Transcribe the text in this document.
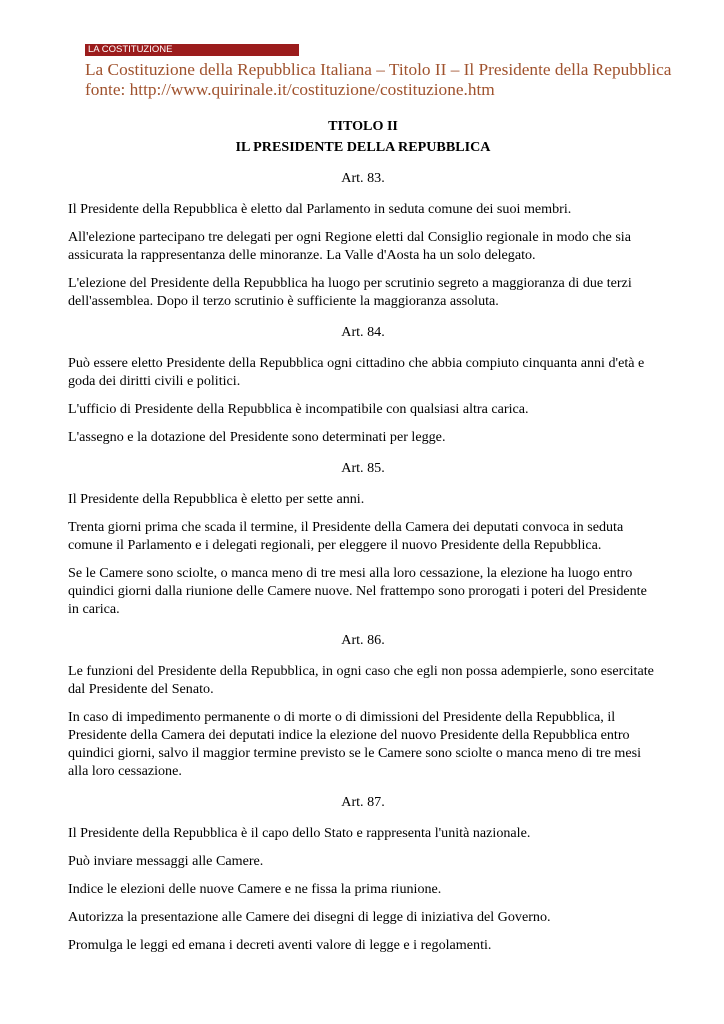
LA COSTITUZIONE
La Costituzione della Repubblica Italiana – Titolo II – Il Presidente della Repubblica
fonte: http://www.quirinale.it/costituzione/costituzione.htm

TITOLO II

IL PRESIDENTE DELLA REPUBBLICA

Art. 83.

Il Presidente della Repubblica è eletto dal Parlamento in seduta comune dei suoi membri.

All'elezione partecipano tre delegati per ogni Regione eletti dal Consiglio regionale in modo che sia assicurata la rappresentanza delle minoranze. La Valle d'Aosta ha un solo delegato.

L'elezione del Presidente della Repubblica ha luogo per scrutinio segreto a maggioranza di due terzi dell'assemblea. Dopo il terzo scrutinio è sufficiente la maggioranza assoluta.

Art. 84.

Può essere eletto Presidente della Repubblica ogni cittadino che abbia compiuto cinquanta anni d'età e goda dei diritti civili e politici.

L'ufficio di Presidente della Repubblica è incompatibile con qualsiasi altra carica.

L'assegno e la dotazione del Presidente sono determinati per legge.

Art. 85.

Il Presidente della Repubblica è eletto per sette anni.

Trenta giorni prima che scada il termine, il Presidente della Camera dei deputati convoca in seduta comune il Parlamento e i delegati regionali, per eleggere il nuovo Presidente della Repubblica.

Se le Camere sono sciolte, o manca meno di tre mesi alla loro cessazione, la elezione ha luogo entro quindici giorni dalla riunione delle Camere nuove. Nel frattempo sono prorogati i poteri del Presidente in carica.

Art. 86.

Le funzioni del Presidente della Repubblica, in ogni caso che egli non possa adempierle, sono esercitate dal Presidente del Senato.

In caso di impedimento permanente o di morte o di dimissioni del Presidente della Repubblica, il Presidente della Camera dei deputati indice la elezione del nuovo Presidente della Repubblica entro quindici giorni, salvo il maggior termine previsto se le Camere sono sciolte o manca meno di tre mesi alla loro cessazione.

Art. 87.

Il Presidente della Repubblica è il capo dello Stato e rappresenta l'unità nazionale.

Può inviare messaggi alle Camere.

Indice le elezioni delle nuove Camere e ne fissa la prima riunione.

Autorizza la presentazione alle Camere dei disegni di legge di iniziativa del Governo.

Promulga le leggi ed emana i decreti aventi valore di legge e i regolamenti.
